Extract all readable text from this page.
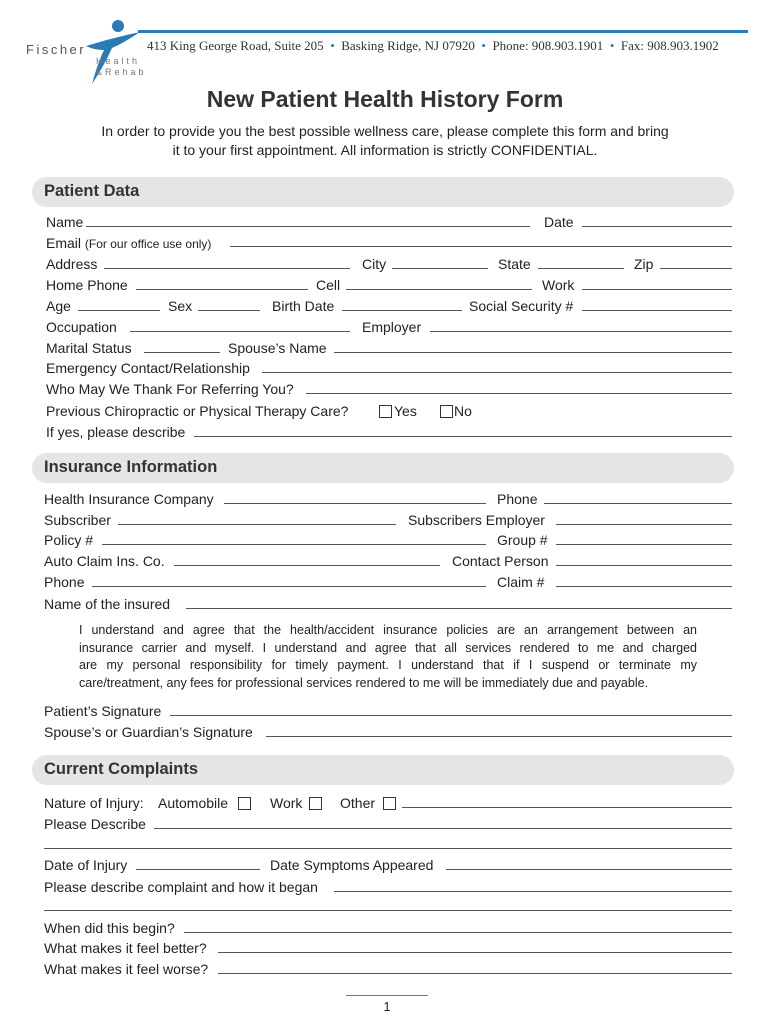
Fischer
Health
&Rehab
413 King George Road, Suite 205  •  Basking Ridge, NJ 07920  •  Phone: 908.903.1901  •  Fax: 908.903.1902
New Patient Health History Form
In order to provide you the best possible wellness care, please complete this form and bring
it to your first appointment. All information is strictly CONFIDENTIAL.
Patient Data
Name	Date
Email (For our office use only)
Address	City	State	Zip
Home Phone	Cell	Work
Age	Sex	Birth Date	Social Security #
Occupation	Employer
Marital Status	Spouse’s Name
Emergency Contact/Relationship
Who May We Thank For Referring You?
Previous Chiropractic or Physical Therapy Care?	Yes	No
If yes, please describe
Insurance Information
Health Insurance Company	Phone
Subscriber	Subscribers Employer
Policy #	Group #
Auto Claim Ins. Co.	Contact Person
Phone	Claim #
Name of the insured
I understand and agree that the health/accident insurance policies are an arrangement between an
insurance carrier and myself. I understand and agree that all services rendered to me and charged
are my personal responsibility for timely payment. I understand that if I suspend or terminate my
care/treatment, any fees for professional services rendered to me will be immediately due and payable.
Patient’s Signature
Spouse’s or Guardian’s Signature
Current Complaints
Nature of Injury: Automobile	Work	Other
Please Describe
Date of Injury	Date Symptoms Appeared
Please describe complaint and how it began
When did this begin?
What makes it feel better?
What makes it feel worse?
1
